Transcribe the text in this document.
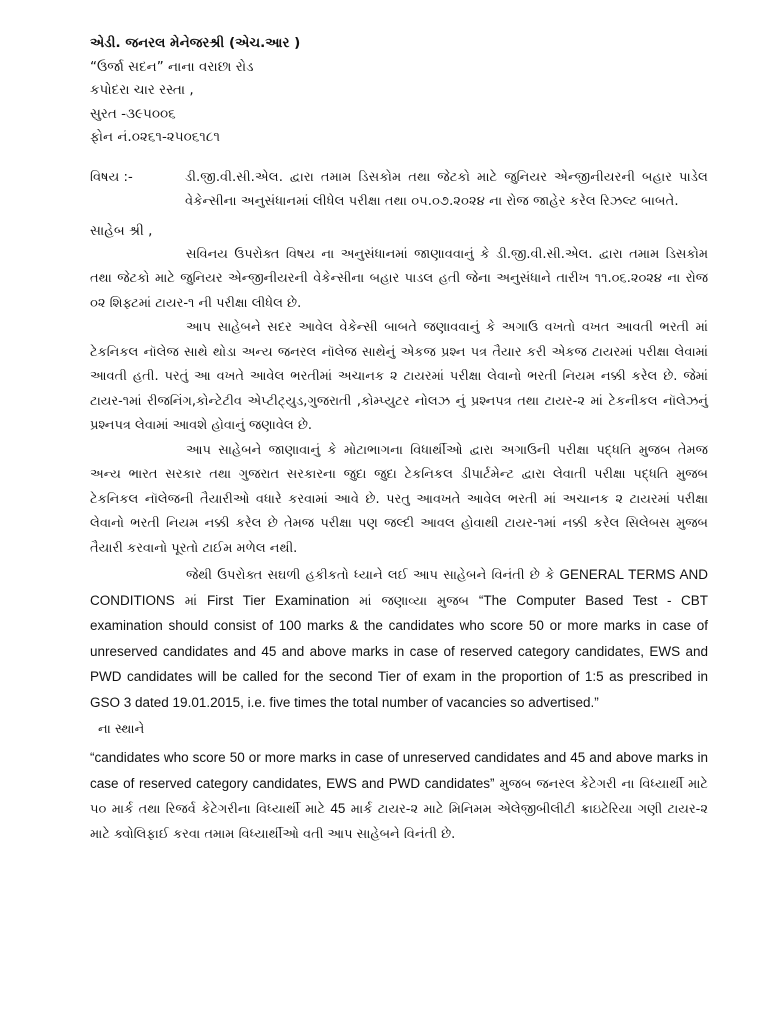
એડી. જનરલ મેનેજરશ્રી (એચ.આર )
“ઉર્જા સદન” નાના વરાછા રોડ
કપોદરા ચાર રસ્તા ,
સુરત -૩૯૫૦૦૬
ફોન નં.૦૨૬૧-૨૫૦૬૧૮૧
વિષય :-	ડી.જી.વી.સી.એલ. દ્વારા તમામ ડિસકોમ તથા જેટકો માટે જુનિયર એન્જીનીયરની બહાર પાડેલ વેકેન્સીના અનુસંધાનમાં લીધેલ પરીક્ષા તથા ૦૫.૦૭.૨૦૨૪ ના રોજ જાહેર કરેલ રિઝલ્ટ બાબતે.
સાહેબ શ્રી ,

સવિનય ઉપરોક્ત વિષય ના અનુસંધાનમાં જાણાવવાનું કે ડી.જી.વી.સી.એલ. દ્વારા તમામ ડિસકોમ તથા જેટકો માટે જુનિયર એન્જીનીયરની વેકેન્સીના બહાર પાડલ હતી જેના અનુસંધાને તારીખ ૧૧.૦૬.૨૦૨૪ ના રોજ ૦૨ શિફ્ટમાં ટાયર-૧ ની પરીક્ષા લીધેલ છે.

આપ સાહેબને સદર આવેલ વેકેન્સી બાબતે જણાવવાનું કે અગાઉ વખતો વખત આવતી ભરતી માં ટેકનિકલ નૉલેજ સાથે થોડા અન્ય જનરલ નૉલેજ સાથેનું એકજ પ્રશ્ન પત્ર તૈયાર કરી એકજ ટાયરમાં પરીક્ષા લેવામાં આવતી હતી. પરતું આ વખતે આવેલ ભરતીમાં અચાનક ૨ ટાયરમાં પરીક્ષા લેવાનો ભરતી નિયમ નક્કી કરેલ છે. જેમાં ટાયર-૧માં રીજનિંગ,કોન્ટેટીવ એપ્ટીટ્યુડ,ગુજરાતી ,કોમ્પ્યુટર નોલઝ નું પ્રશ્નપત્ર તથા ટાયર-૨ માં ટેકનીકલ નૉલેઝનું પ્રશ્નપત્ર લેવામાં આવશે હોવાનું જણાવેલ છે.

આપ સાહેબને જાણાવાનું કે મોટાભાગના વિધાર્થીઓ દ્વારા અગાઉની પરીક્ષા પદ્ધતિ મુજબ તેમજ અન્ય ભારત સરકાર તથા ગુજરાત સરકારના જુદા જુદા ટેકનિકલ ડીપાર્ટમેન્ટ દ્વારા લેવાતી પરીક્ષા પદ્ધતિ મુજબ ટેકનિકલ નૉલેજની તૈયારીઓ વધારે કરવામાં આવે છે. પરતુ આવખતે આવેલ ભરતી માં અચાનક ૨ ટાયરમાં પરીક્ષા લેવાનો ભરતી નિયમ નક્કી કરેલ છે તેમજ પરીક્ષા પણ જલ્દી આવલ હોવાથી ટાયર-૧માં નક્કી કરેલ સિલેબસ મુજબ તૈયારી કરવાનો પૂરતો ટાઈમ મળેલ નથી.

જેથી ઉપરોક્ત સઘળી હકીકતો ધ્યાને લઈ આપ સાહેબને વિનંતી છે કે GENERAL TERMS AND CONDITIONS માં First Tier Examination માં જણાવ્યા મુજબ “The Computer Based Test - CBT examination should consist of 100 marks & the candidates who score 50 or more marks in case of unreserved candidates and 45 and above marks in case of reserved category candidates, EWS and PWD candidates will be called for the second Tier of exam in the proportion of 1:5 as prescribed in GSO 3 dated 19.01.2015, i.e. five times the total number of vacancies so advertised.”

ના સ્થાને

“candidates who score 50 or more marks in case of unreserved candidates and 45 and above marks in case of reserved category candidates, EWS and PWD candidates” મુજબ જનરલ કેટેગરી ના વિધ્યાર્થી માટે ૫૦ માર્ક તથા રિજર્વ કેટેગરીના વિધ્યાર્થી માટે 45 માર્ક ટાયર-૨ માટે મિનિમમ એલેજીબીલીટી ક્રાઇટેરિયા ગણી ટાયર-૨ માટે ક્વોલિફાઈ કરવા તમામ વિધ્યાર્થીઓ વતી આપ સાહેબને વિનંતી છે.
